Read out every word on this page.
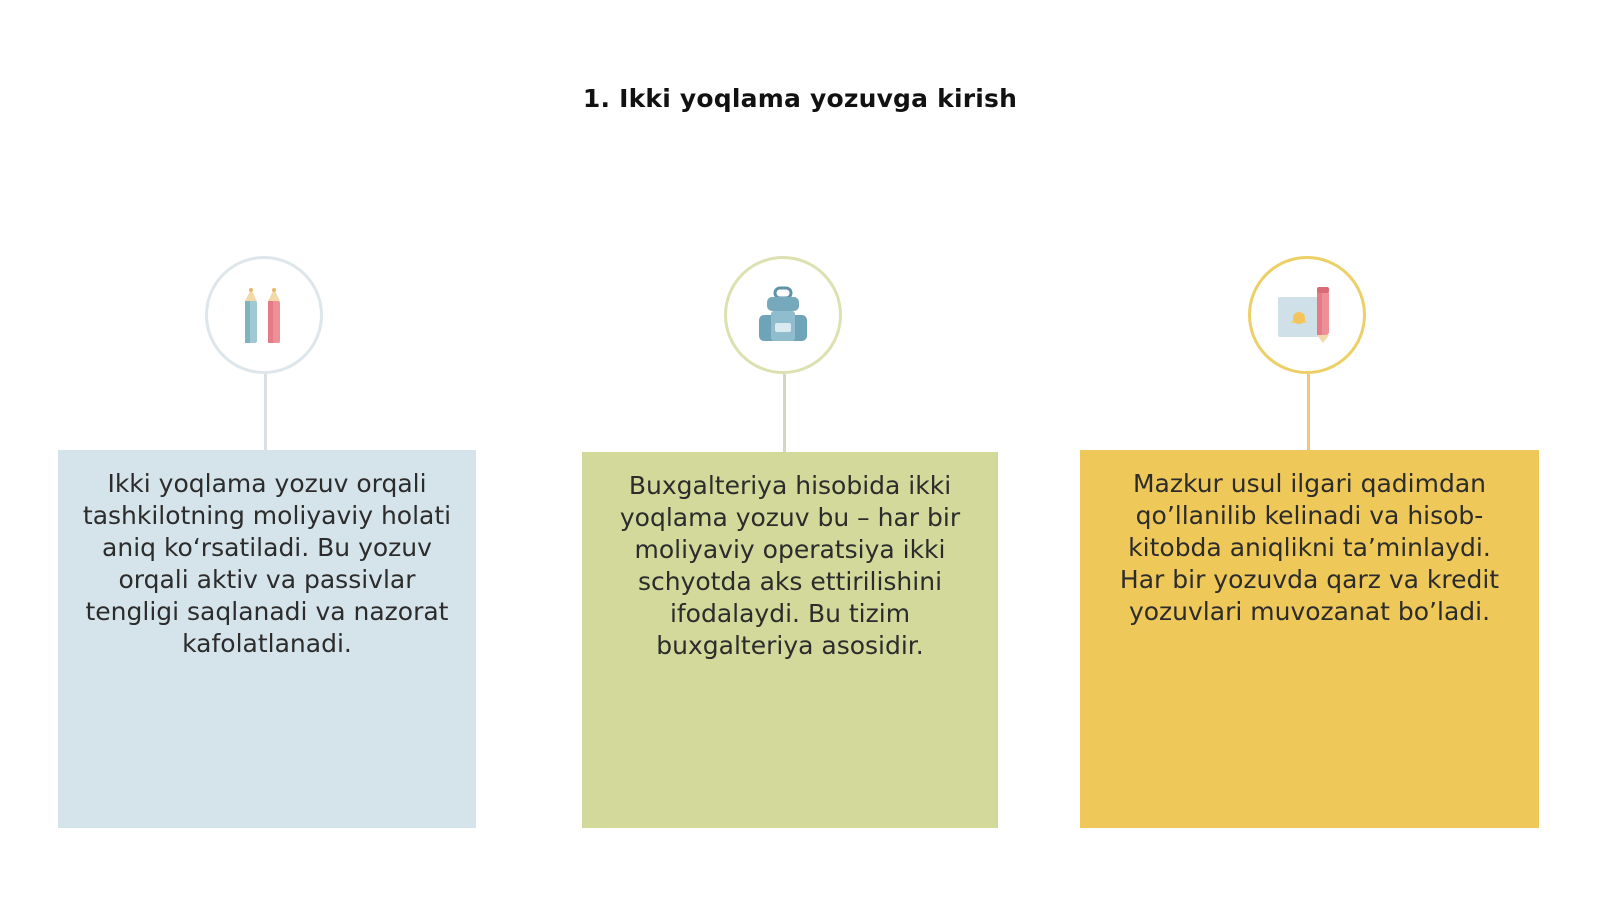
1. Ikki yoqlama yozuvga kirish
Ikki yoqlama yozuv orqali tashkilotning moliyaviy holati aniq ko‘rsatiladi. Bu yozuv orqali aktiv va passivlar tengligi saqlanadi va nazorat kafolatlanadi.
Buxgalteriya hisobida ikki yoqlama yozuv bu – har bir moliyaviy operatsiya ikki schyotda aks ettirilishini ifodalaydi. Bu tizim buxgalteriya asosidir.
Mazkur usul ilgari qadimdan qo’llanilib kelinadi va hisob-kitobda aniqlikni ta’minlaydi. Har bir yozuvda qarz va kredit yozuvlari muvozanat bo’ladi.
